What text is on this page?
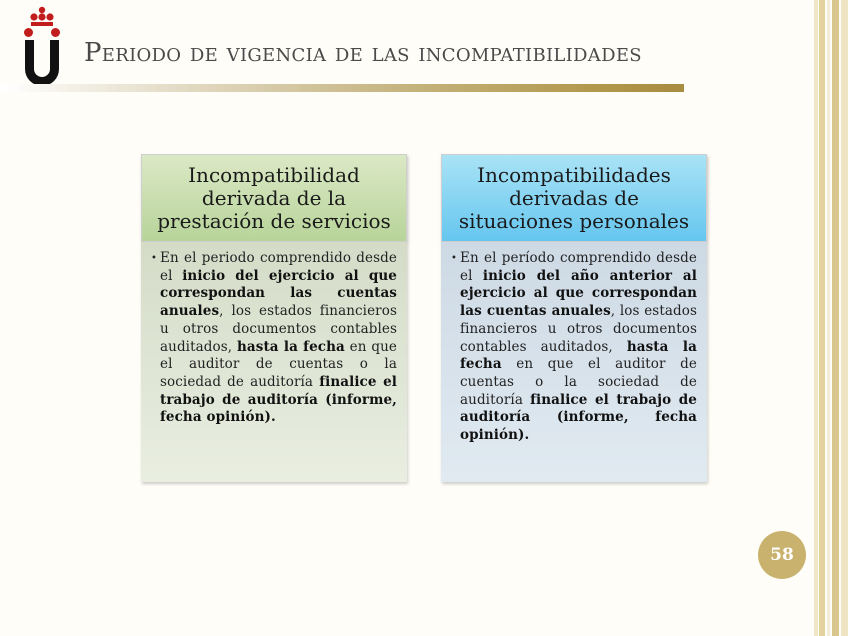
Periodo de vigencia de las incompatibilidades
Incompatibilidad derivada de la prestación de servicios
• En el periodo comprendido desde el inicio del ejercicio al que correspondan las cuentas anuales, los estados financieros u otros documentos contables auditados, hasta la fecha en que el auditor de cuentas o la sociedad de auditoría finalice el trabajo de auditoría (informe, fecha opinión).
Incompatibilidades derivadas de situaciones personales
• En el período comprendido desde el inicio del año anterior al ejercicio al que correspondan las cuentas anuales, los estados financieros u otros documentos contables auditados, hasta la fecha en que el auditor de cuentas o la sociedad de auditoría finalice el trabajo de auditoría (informe, fecha opinión).
58
